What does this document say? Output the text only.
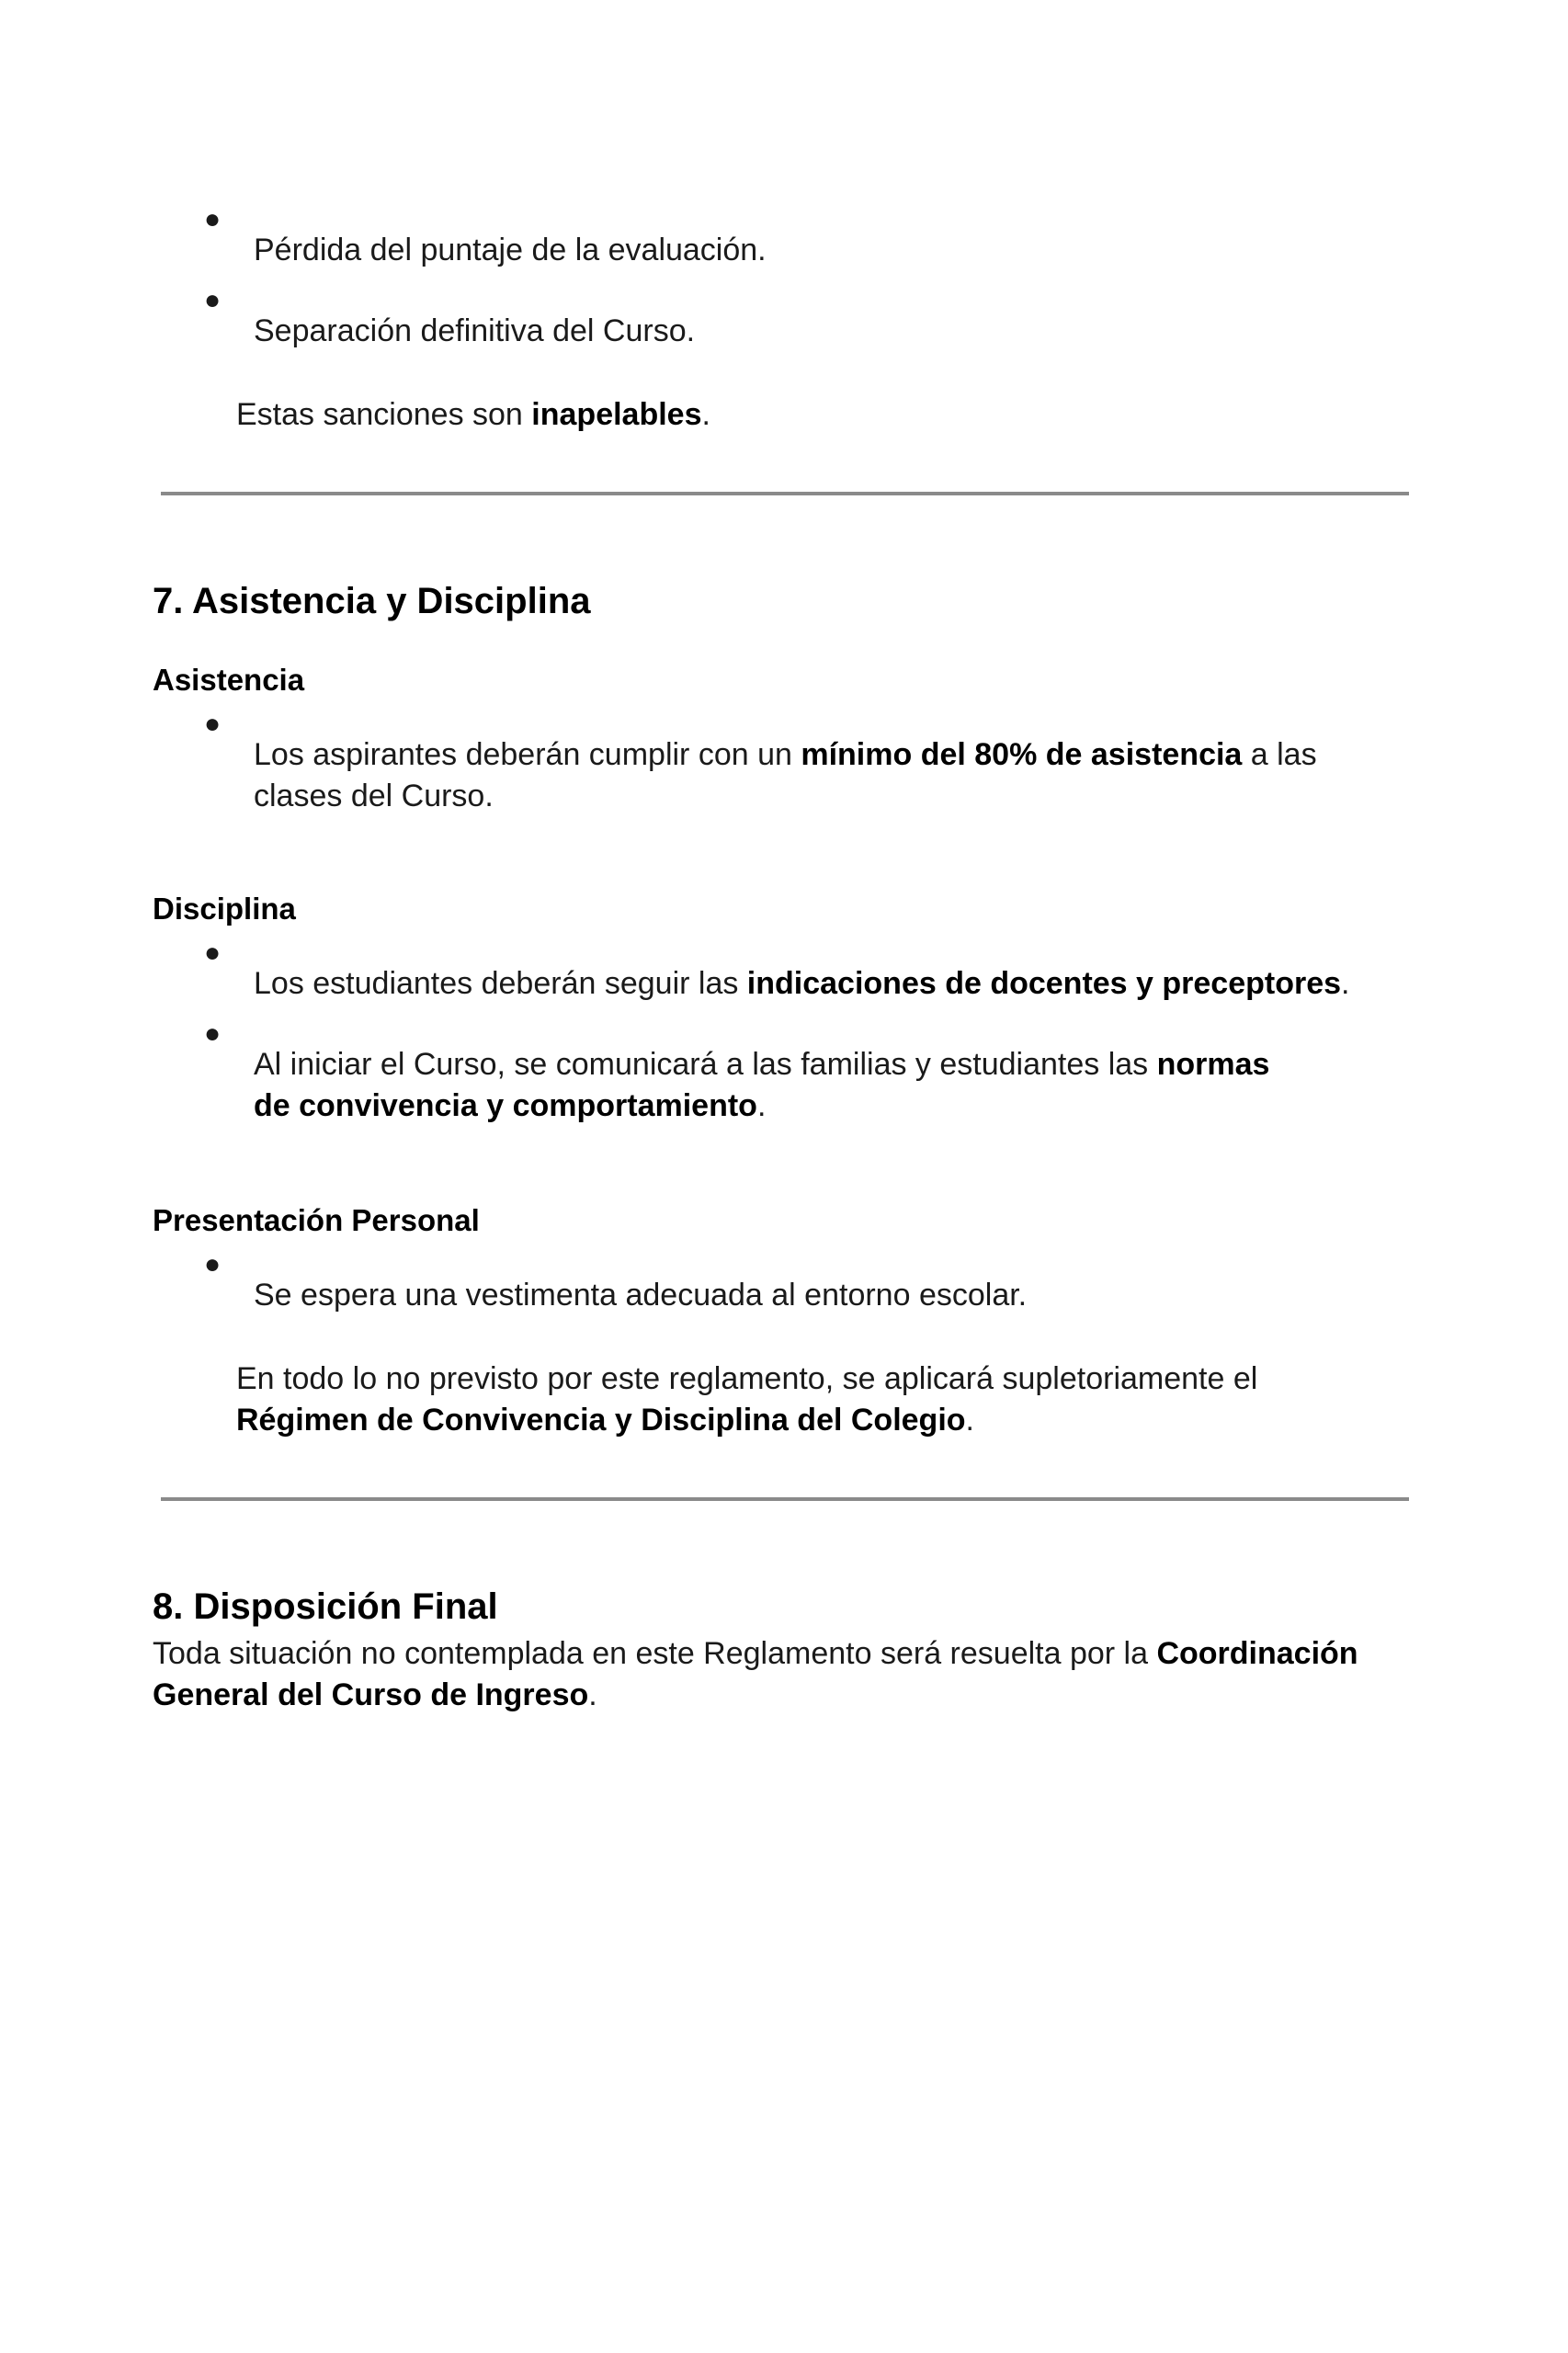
●

Pérdida del puntaje de la evaluación.

●

Separación definitiva del Curso.

Estas sanciones son inapelables.

7. Asistencia y Disciplina
Asistencia
●

Los aspirantes deberán cumplir con un mínimo del 80% de asistencia a las clases del Curso.

Disciplina
●

Los estudiantes deberán seguir las indicaciones de docentes y preceptores.

●

Al iniciar el Curso, se comunicará a las familias y estudiantes las normas de convivencia y comportamiento.

Presentación Personal
●

Se espera una vestimenta adecuada al entorno escolar.

En todo lo no previsto por este reglamento, se aplicará supletoriamente el Régimen de Convivencia y Disciplina del Colegio.

8. Disposición Final

Toda situación no contemplada en este Reglamento será resuelta por la Coordinación General del Curso de Ingreso.
